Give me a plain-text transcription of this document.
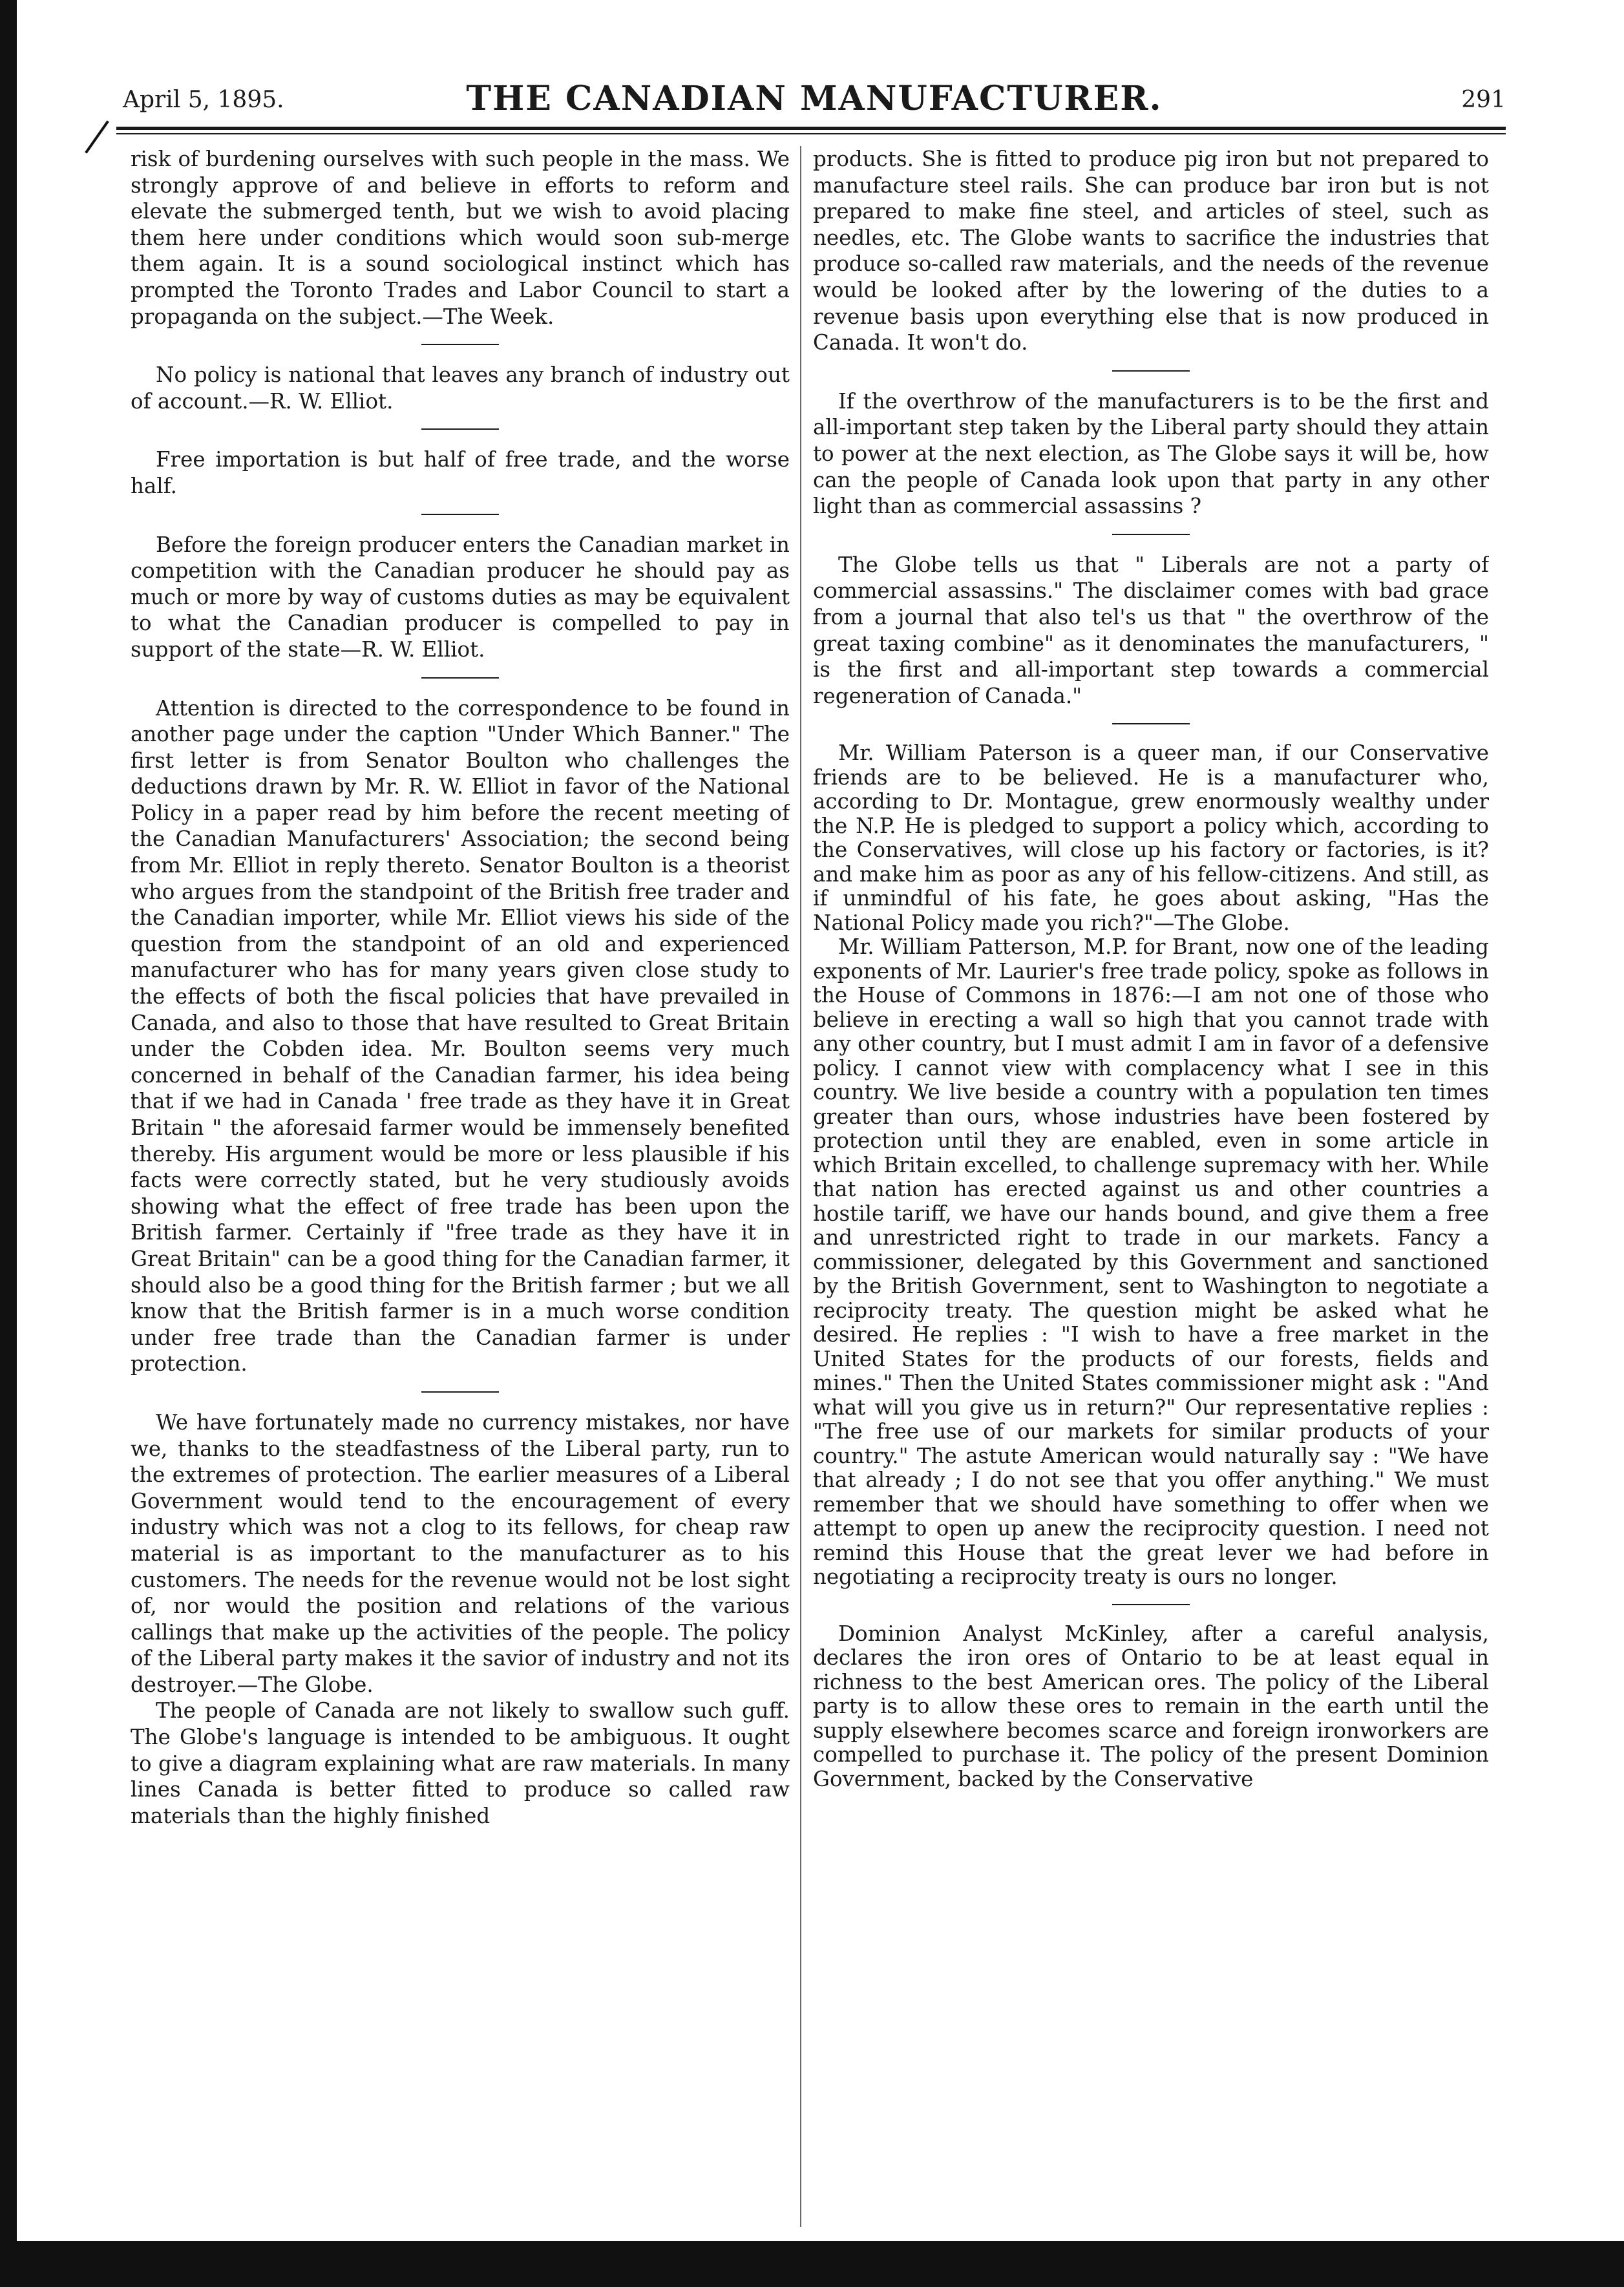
April 5, 1895.	THE CANADIAN MANUFACTURER.	291

risk of burdening ourselves with such people in the mass. We strongly approve of and believe in efforts to reform and elevate the submerged tenth, but we wish to avoid placing them here under conditions which would soon sub-merge them again. It is a sound sociological instinct which has prompted the Toronto Trades and Labor Council to start a propaganda on the subject.—The Week.

No policy is national that leaves any branch of industry out of account.—R. W. Elliot.

Free importation is but half of free trade, and the worse half.

Before the foreign producer enters the Canadian market in competition with the Canadian producer he should pay as much or more by way of customs duties as may be equivalent to what the Canadian producer is compelled to pay in support of the state—R. W. Elliot.

Attention is directed to the correspondence to be found in another page under the caption "Under Which Banner." The first letter is from Senator Boulton who challenges the deductions drawn by Mr. R. W. Elliot in favor of the National Policy in a paper read by him before the recent meeting of the Canadian Manufacturers' Association; the second being from Mr. Elliot in reply thereto. Senator Boulton is a theorist who argues from the standpoint of the British free trader and the Canadian importer, while Mr. Elliot views his side of the question from the standpoint of an old and experienced manufacturer who has for many years given close study to the effects of both the fiscal policies that have prevailed in Canada, and also to those that have resulted to Great Britain under the Cobden idea. Mr. Boulton seems very much concerned in behalf of the Canadian farmer, his idea being that if we had in Canada ' free trade as they have it in Great Britain " the aforesaid farmer would be immensely benefited thereby. His argument would be more or less plausible if his facts were correctly stated, but he very studiously avoids showing what the effect of free trade has been upon the British farmer. Certainly if "free trade as they have it in Great Britain" can be a good thing for the Canadian farmer, it should also be a good thing for the British farmer ; but we all know that the British farmer is in a much worse condition under free trade than the Canadian farmer is under protection.

We have fortunately made no currency mistakes, nor have we, thanks to the steadfastness of the Liberal party, run to the extremes of protection. The earlier measures of a Liberal Government would tend to the encouragement of every industry which was not a clog to its fellows, for cheap raw material is as important to the manufacturer as to his customers. The needs for the revenue would not be lost sight of, nor would the position and relations of the various callings that make up the activities of the people. The policy of the Liberal party makes it the savior of industry and not its destroyer.—The Globe.

The people of Canada are not likely to swallow such guff. The Globe's language is intended to be ambiguous. It ought to give a diagram explaining what are raw materials. In many lines Canada is better fitted to produce so called raw materials than the highly finished

products. She is fitted to produce pig iron but not prepared to manufacture steel rails. She can produce bar iron but is not prepared to make fine steel, and articles of steel, such as needles, etc. The Globe wants to sacrifice the industries that produce so-called raw materials, and the needs of the revenue would be looked after by the lowering of the duties to a revenue basis upon everything else that is now produced in Canada. It won't do.

If the overthrow of the manufacturers is to be the first and all-important step taken by the Liberal party should they attain to power at the next election, as The Globe says it will be, how can the people of Canada look upon that party in any other light than as commercial assassins ?

The Globe tells us that " Liberals are not a party of commercial assassins." The disclaimer comes with bad grace from a journal that also tel's us that " the overthrow of the great taxing combine" as it denominates the manufacturers, " is the first and all-important step towards a commercial regeneration of Canada."

Mr. William Paterson is a queer man, if our Conservative friends are to be believed. He is a manufacturer who, according to Dr. Montague, grew enormously wealthy under the N.P. He is pledged to support a policy which, according to the Conservatives, will close up his factory or factories, is it? and make him as poor as any of his fellow-citizens. And still, as if unmindful of his fate, he goes about asking, "Has the National Policy made you rich?"—The Globe.

Mr. William Patterson, M.P. for Brant, now one of the leading exponents of Mr. Laurier's free trade policy, spoke as follows in the House of Commons in 1876:—I am not one of those who believe in erecting a wall so high that you cannot trade with any other country, but I must admit I am in favor of a defensive policy. I cannot view with complacency what I see in this country. We live beside a country with a population ten times greater than ours, whose industries have been fostered by protection until they are enabled, even in some article in which Britain excelled, to challenge supremacy with her. While that nation has erected against us and other countries a hostile tariff, we have our hands bound, and give them a free and unrestricted right to trade in our markets. Fancy a commissioner, delegated by this Government and sanctioned by the British Government, sent to Washington to negotiate a reciprocity treaty. The question might be asked what he desired. He replies : "I wish to have a free market in the United States for the products of our forests, fields and mines." Then the United States commissioner might ask : "And what will you give us in return?" Our representative replies : "The free use of our markets for similar products of your country." The astute American would naturally say : "We have that already ; I do not see that you offer anything." We must remember that we should have something to offer when we attempt to open up anew the reciprocity question. I need not remind this House that the great lever we had before in negotiating a reciprocity treaty is ours no longer.

Dominion Analyst McKinley, after a careful analysis, declares the iron ores of Ontario to be at least equal in richness to the best American ores. The policy of the Liberal party is to allow these ores to remain in the earth until the supply elsewhere becomes scarce and foreign ironworkers are compelled to purchase it. The policy of the present Dominion Government, backed by the Conservative
